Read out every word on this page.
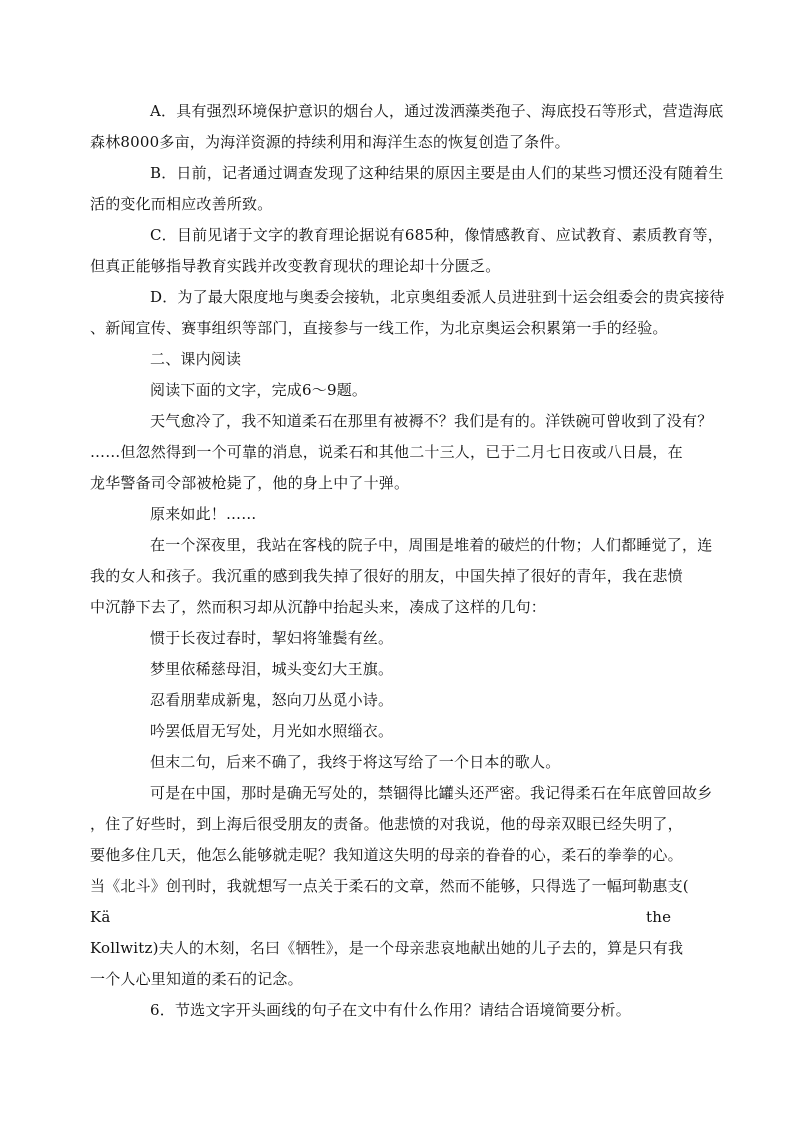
A．具有强烈环境保护意识的烟台人，通过泼洒藻类孢子、海底投石等形式，营造海底
森林8000多亩，为海洋资源的持续利用和海洋生态的恢复创造了条件。

B．日前，记者通过调查发现了这种结果的原因主要是由人们的某些习惯还没有随着生
活的变化而相应改善所致。

C．目前见诸于文字的教育理论据说有685种，像情感教育、应试教育、素质教育等，
但真正能够指导教育实践并改变教育现状的理论却十分匮乏。

D．为了最大限度地与奥委会接轨，北京奥组委派人员进驻到十运会组委会的贵宾接待
、新闻宣传、赛事组织等部门，直接参与一线工作，为北京奥运会积累第一手的经验。

二、课内阅读

阅读下面的文字，完成6～9题。

天气愈冷了，我不知道柔石在那里有被褥不？我们是有的。洋铁碗可曾收到了没有？
……但忽然得到一个可靠的消息，说柔石和其他二十三人，已于二月七日夜或八日晨，在
龙华警备司令部被枪毙了，他的身上中了十弹。

原来如此！……

在一个深夜里，我站在客栈的院子中，周围是堆着的破烂的什物；人们都睡觉了，连
我的女人和孩子。我沉重的感到我失掉了很好的朋友，中国失掉了很好的青年，我在悲愤
中沉静下去了，然而积习却从沉静中抬起头来，凑成了这样的几句：

惯于长夜过春时，挈妇将雏鬓有丝。

梦里依稀慈母泪，城头变幻大王旗。

忍看朋辈成新鬼，怒向刀丛觅小诗。

吟罢低眉无写处，月光如水照缁衣。

但末二句，后来不确了，我终于将这写给了一个日本的歌人。

可是在中国，那时是确无写处的，禁锢得比罐头还严密。我记得柔石在年底曾回故乡
，住了好些时，到上海后很受朋友的责备。他悲愤的对我说，他的母亲双眼已经失明了，
要他多住几天，他怎么能够就走呢？我知道这失明的母亲的眷眷的心，柔石的拳拳的心。
当《北斗》创刊时，我就想写一点关于柔石的文章，然而不能够，只得选了一幅珂勒惠支(
Kä	the
Kollwitz)夫人的木刻，名曰《牺牲》，是一个母亲悲哀地献出她的儿子去的，算是只有我
一个人心里知道的柔石的记念。

6．节选文字开头画线的句子在文中有什么作用？请结合语境简要分析。
